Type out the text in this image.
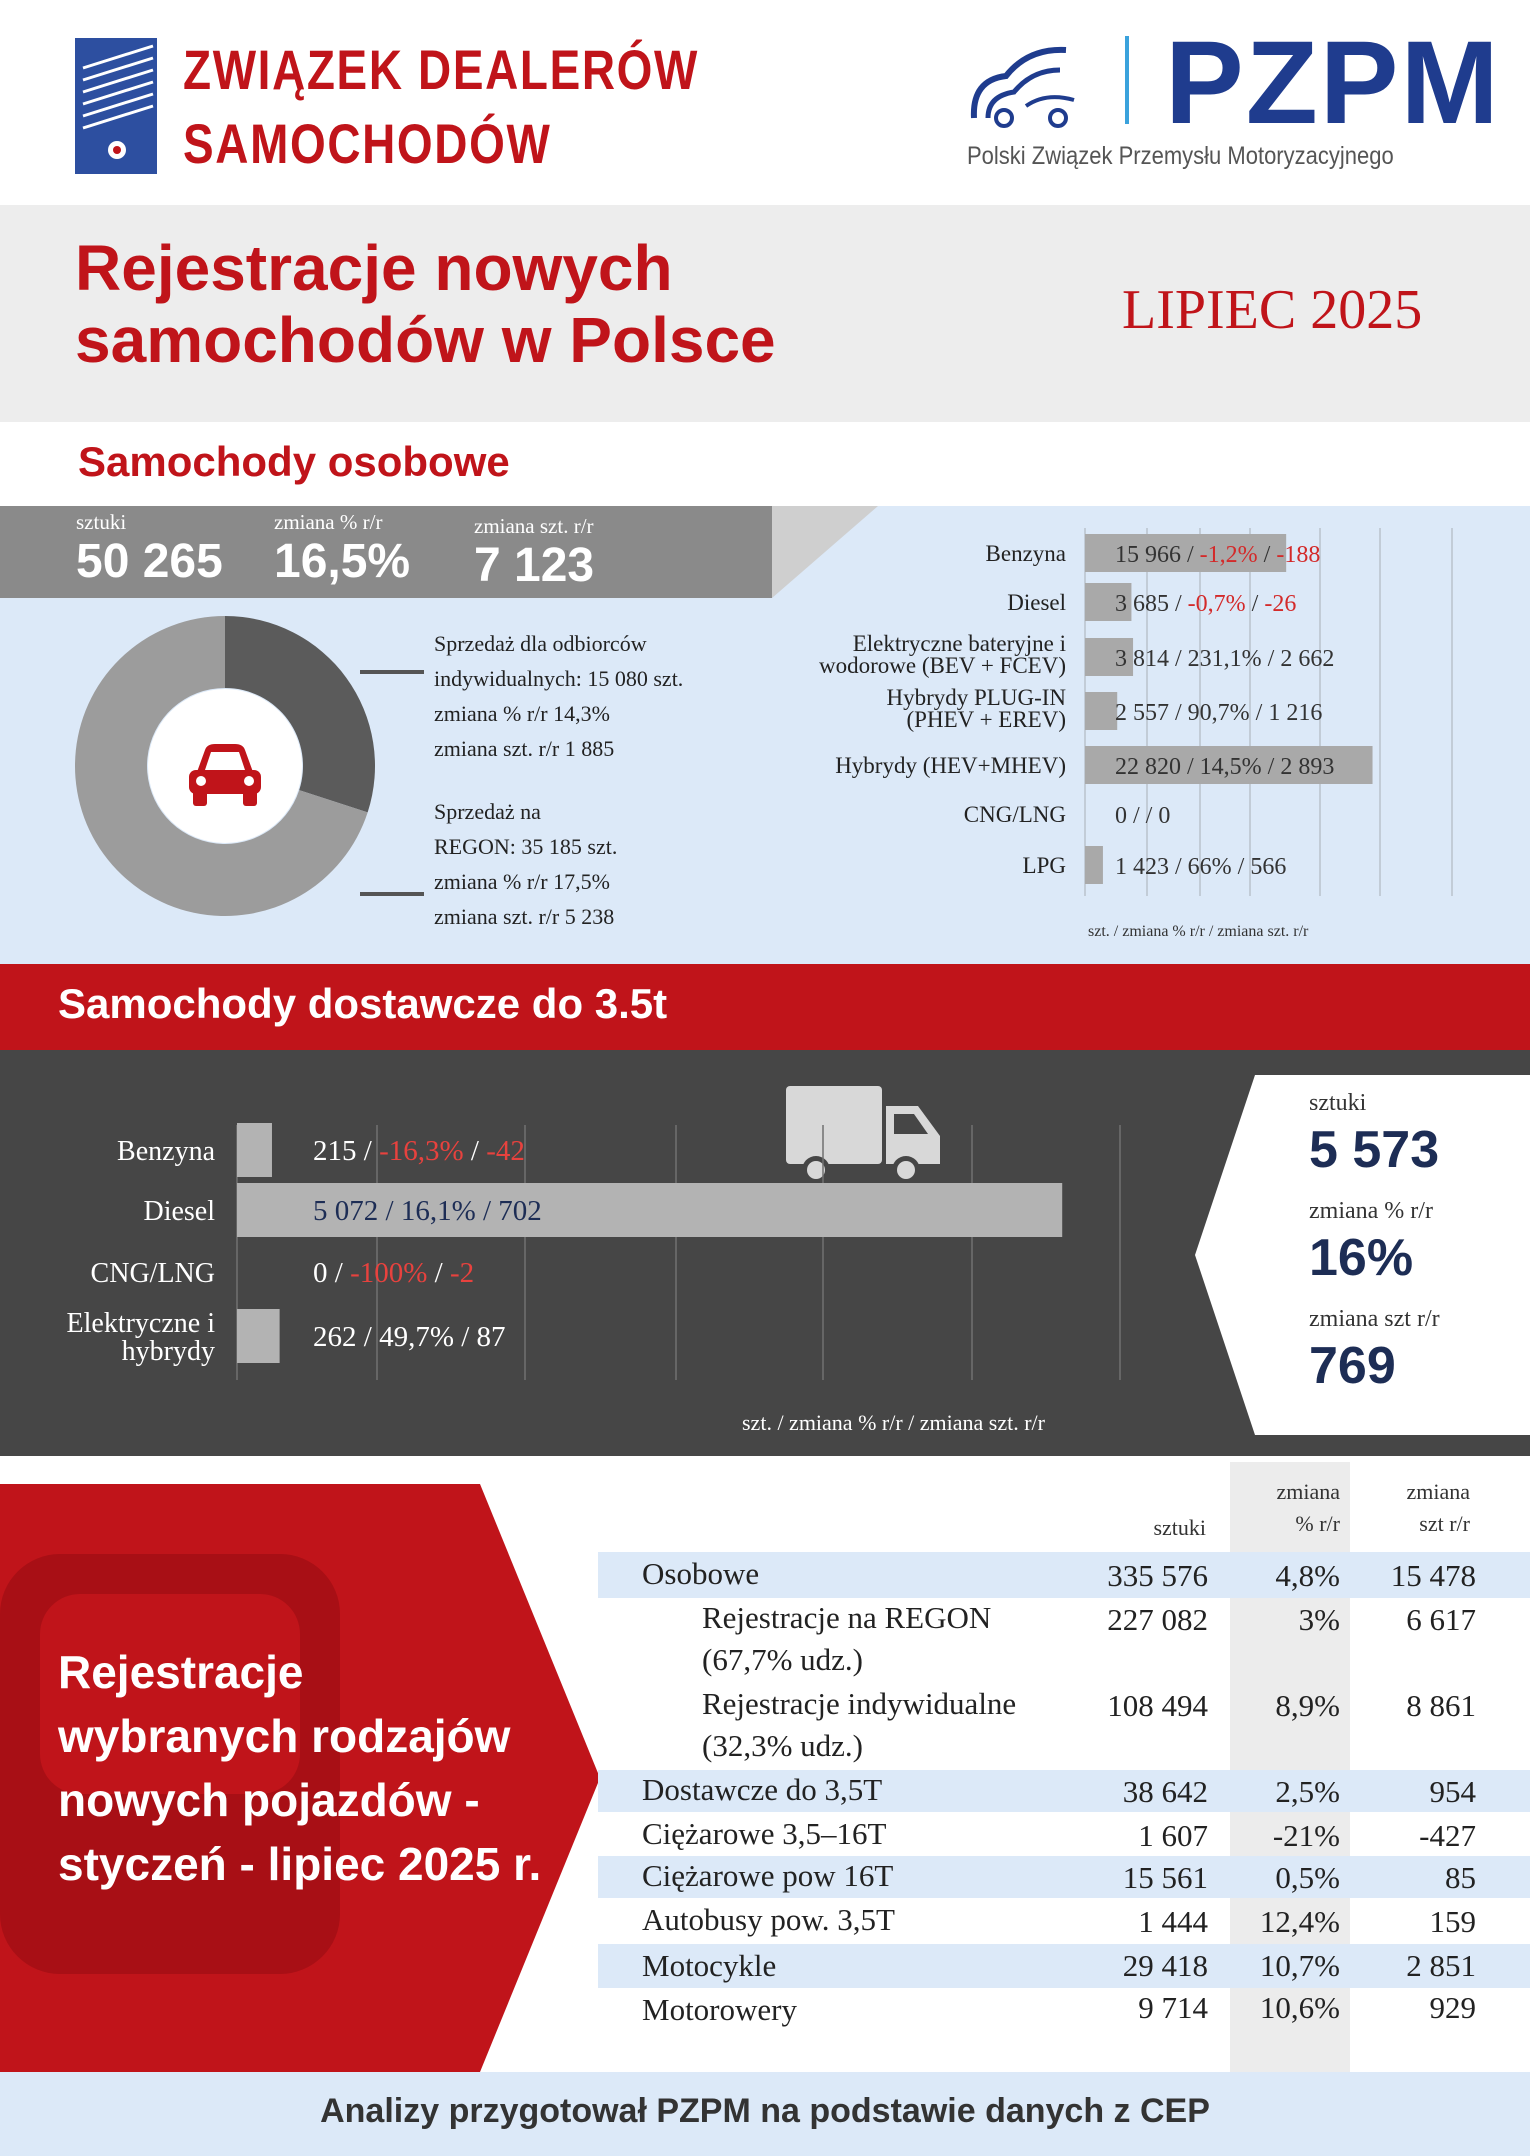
ZWIĄZEK DEALERÓW
SAMOCHODÓW	PZPM
Polski Związek Przemysłu Motoryzacyjnego
Rejestracje nowych
samochodów w Polsce	LIPIEC 2025
Samochody osobowe
sztuki
50 265
zmiana % r/r
16,5%
zmiana szt. r/r
7 123
Sprzedaż dla odbiorców
indywidualnych: 15 080 szt.
zmiana % r/r 14,3%
zmiana szt. r/r 1 885
Sprzedaż na
REGON: 35 185 szt.
zmiana % r/r 17,5%
zmiana szt. r/r 5 238
Benzyna 15 966 / -1,2% / -188
Diesel 3 685 / -0,7% / -26
Elektryczne bateryjne i
wodorowe (BEV + FCEV) 3 814 / 231,1% / 2 662
Hybrydy PLUG-IN
(PHEV + EREV) 2 557 / 90,7% / 1 216
Hybrydy (HEV+MHEV) 22 820 / 14,5% / 2 893
CNG/LNG 0 / / 0
LPG 1 423 / 66% / 566
szt. / zmiana % r/r / zmiana szt. r/r
Samochody dostawcze do 3.5t
Benzyna	215 / -16,3% / -42
Diesel	5 072 / 16,1% / 702
CNG/LNG	0 / -100% / -2
Elektryczne i
hybrydy	262 / 49,7% / 87
szt. / zmiana % r/r / zmiana szt. r/r
sztuki
5 573
zmiana % r/r
16%
zmiana szt r/r
769
Rejestracje
wybranych rodzajów
nowych pojazdów -
styczeń - lipiec 2025 r.
sztuki
zmiana
% r/r
zmiana
szt r/r
Osobowe	335 576	4,8%	15 478
Rejestracje na REGON
(67,7% udz.)
227 082	3%	6 617
Rejestracje indywidualne
(32,3% udz.)
108 494	8,9%	8 861
Dostawcze do 3,5T	38 642	2,5%	954
Ciężarowe 3,5–16T	1 607	-21%	-427
Ciężarowe pow 16T	15 561	0,5%	85
Autobusy pow. 3,5T	1 444	12,4%	159
Motocykle	29 418	10,7%	2 851
Motorowery	9 714	10,6%	929
Analizy przygotował PZPM na podstawie danych z CEP
